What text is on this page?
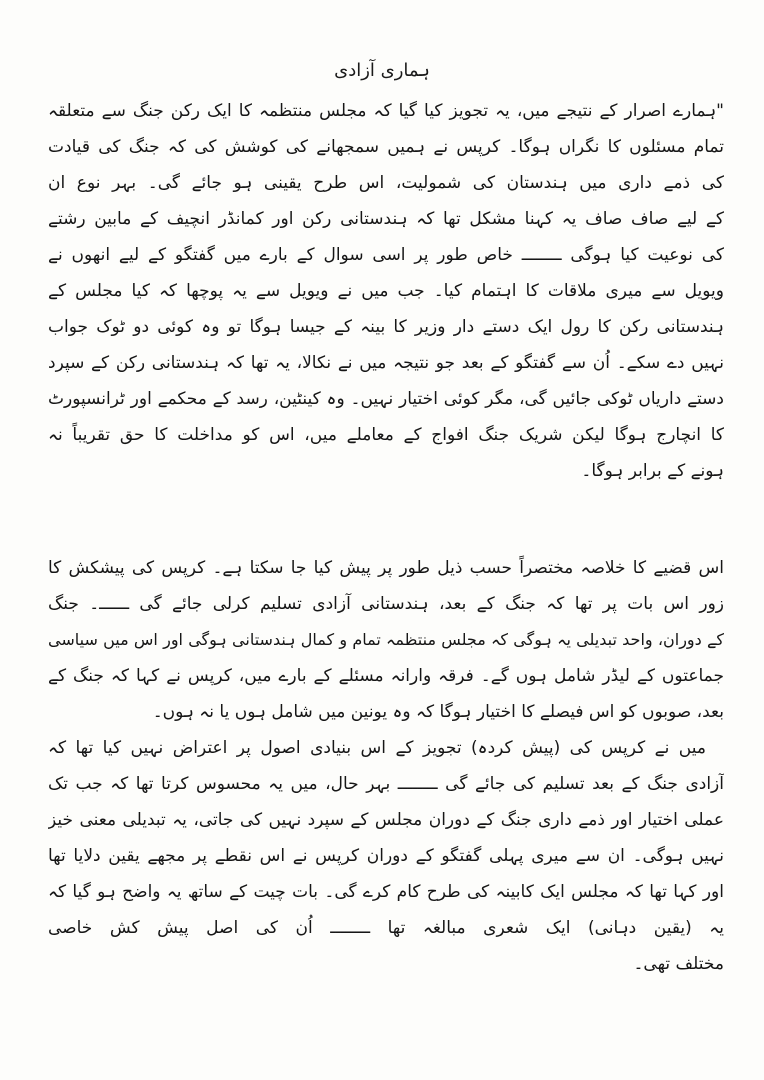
ہماری آزادی
"ہمارے اصرار کے نتیجے میں، یہ تجویز کیا گیا کہ مجلس منتظمہ کا ایک رکن جنگ سے متعلقہ
تمام مسئلوں کا نگراں ہوگا۔ کرپس نے ہمیں سمجھانے کی کوشش کی کہ جنگ کی قیادت
کی ذمے داری میں ہندستان کی شمولیت، اس طرح یقینی ہو جائے گی۔ بہر نوع ان
کے لیے صاف صاف یہ کہنا مشکل تھا کہ ہندستانی رکن اور کمانڈر انچیف کے مابین رشتے
کی نوعیت کیا ہوگی ــــــــ خاص طور پر اسی سوال کے بارے میں گفتگو کے لیے انھوں نے
ویویل سے میری ملاقات کا اہتمام کیا۔ جب میں نے ویویل سے یہ پوچھا کہ کیا مجلس کے
ہندستانی رکن کا رول ایک دستے دار وزیر کا بینہ کے جیسا ہوگا تو وہ کوئی دو ٹوک جواب
نہیں دے سکے۔ اُن سے گفتگو کے بعد جو نتیجہ میں نے نکالا، یہ تھا کہ ہندستانی رکن کے سپرد
دستے داریاں ٹوکی جائیں گی، مگر کوئی اختیار نہیں۔ وہ کینٹین، رسد کے محکمے اور ٹرانسپورٹ
کا انچارج ہوگا لیکن شریک جنگ افواج کے معاملے میں، اس کو مداخلت کا حق تقریباً نہ
ہونے کے برابر ہوگا۔
اس قضیے کا خلاصہ مختصراً حسب ذیل طور پر پیش کیا جا سکتا ہے۔ کرپس کی پیشکش کا
زور اس بات پر تھا کہ جنگ کے بعد، ہندستانی آزادی تسلیم کرلی جائے گی ــــــ۔ جنگ
کے دوران، واحد تبدیلی یہ ہوگی کہ مجلس منتظمہ تمام و کمال ہندستانی ہوگی اور اس میں سیاسی
جماعتوں کے لیڈر شامل ہوں گے۔ فرقہ وارانہ مسئلے کے بارے میں، کرپس نے کہا کہ جنگ کے
بعد، صوبوں کو اس فیصلے کا اختیار ہوگا کہ وہ یونین میں شامل ہوں یا نہ ہوں۔
میں نے کرپس کی (پیش کردہ) تجویز کے اس بنیادی اصول پر اعتراض نہیں کیا تھا کہ
آزادی جنگ کے بعد تسلیم کی جائے گی ــــــــ بہر حال، میں یہ محسوس کرتا تھا کہ جب تک
عملی اختیار اور ذمے داری جنگ کے دوران مجلس کے سپرد نہیں کی جاتی، یہ تبدیلی معنی خیز
نہیں ہوگی۔ ان سے میری پہلی گفتگو کے دوران کرپس نے اس نقطے پر مجھے یقین دلایا تھا
اور کہا تھا کہ مجلس ایک کابینہ کی طرح کام کرے گی۔ بات چیت کے ساتھ یہ واضح ہو گیا کہ
یہ (یقین دہانی) ایک شعری مبالغہ تھا ــــــــ اُن کی اصل پیش کش خاصی
مختلف تھی۔
